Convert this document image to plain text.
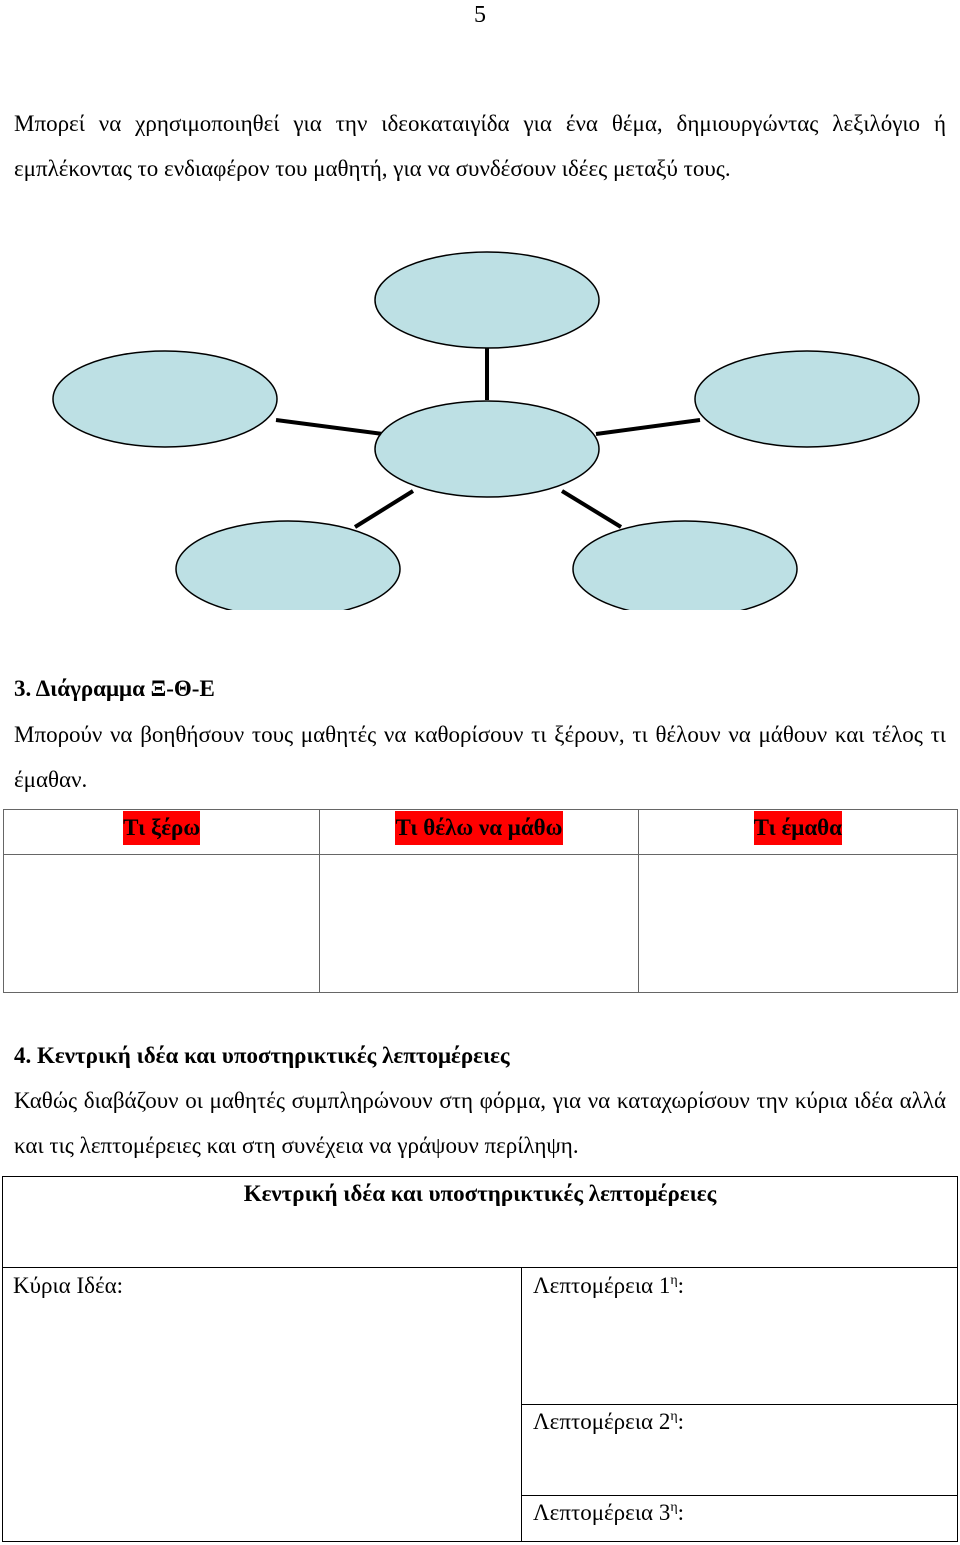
5
Μπορεί να χρησιμοποιηθεί για την ιδεοκαταιγίδα για ένα θέμα, δημιουργώντας λεξιλόγιο ή εμπλέκοντας το ενδιαφέρον του μαθητή, για να συνδέσουν ιδέες μεταξύ τους.
3. Διάγραμμα Ξ-Θ-Ε
Μπορούν να βοηθήσουν τους μαθητές να καθορίσουν τι ξέρουν, τι θέλουν να μάθουν και τέλος τι έμαθαν.
Τι ξέρω	Τι θέλω να μάθω	Τι έμαθα

4. Κεντρική ιδέα και υποστηρικτικές λεπτομέρειες
Καθώς διαβάζουν οι μαθητές συμπληρώνουν στη φόρμα, για να καταχωρίσουν την κύρια ιδέα αλλά και τις λεπτομέρειες και στη συνέχεια να γράψουν περίληψη.
Κεντρική ιδέα και υποστηρικτικές λεπτομέρειες
Κύρια Ιδέα:	Λεπτομέρεια $1^\eta$:
Λεπτομέρεια $2^\eta$:
Λεπτομέρεια $3^\eta$:
